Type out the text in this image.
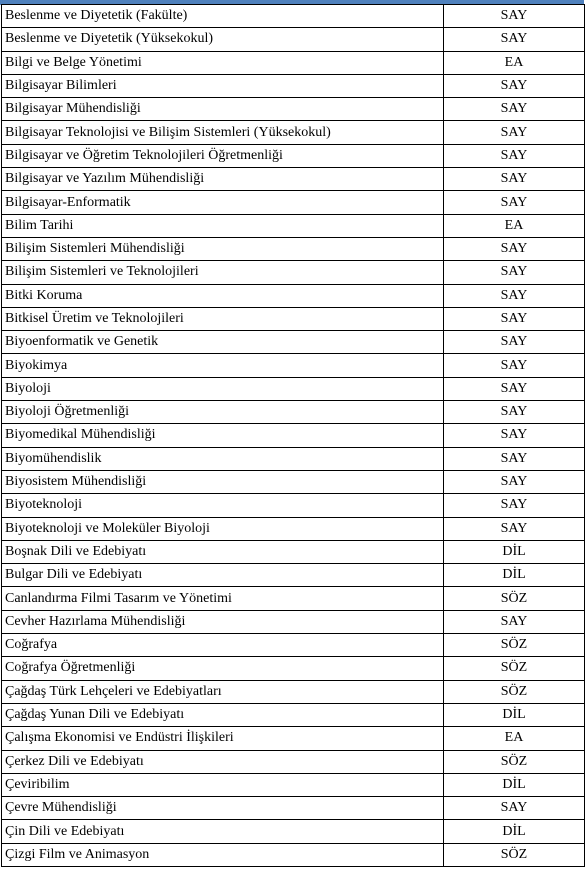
Beslenme ve Diyetetik (Fakülte)	SAY
Beslenme ve Diyetetik (Yüksekokul)	SAY
Bilgi ve Belge Yönetimi	EA
Bilgisayar Bilimleri	SAY
Bilgisayar Mühendisliği	SAY
Bilgisayar Teknolojisi ve Bilişim Sistemleri (Yüksekokul)	SAY
Bilgisayar ve Öğretim Teknolojileri Öğretmenliği	SAY
Bilgisayar ve Yazılım Mühendisliği	SAY
Bilgisayar-Enformatik	SAY
Bilim Tarihi	EA
Bilişim Sistemleri Mühendisliği	SAY
Bilişim Sistemleri ve Teknolojileri	SAY
Bitki Koruma	SAY
Bitkisel Üretim ve Teknolojileri	SAY
Biyoenformatik ve Genetik	SAY
Biyokimya	SAY
Biyoloji	SAY
Biyoloji Öğretmenliği	SAY
Biyomedikal Mühendisliği	SAY
Biyomühendislik	SAY
Biyosistem Mühendisliği	SAY
Biyoteknoloji	SAY
Biyoteknoloji ve Moleküler Biyoloji	SAY
Boşnak Dili ve Edebiyatı	DİL
Bulgar Dili ve Edebiyatı	DİL
Canlandırma Filmi Tasarım ve Yönetimi	SÖZ
Cevher Hazırlama Mühendisliği	SAY
Coğrafya	SÖZ
Coğrafya Öğretmenliği	SÖZ
Çağdaş Türk Lehçeleri ve Edebiyatları	SÖZ
Çağdaş Yunan Dili ve Edebiyatı	DİL
Çalışma Ekonomisi ve Endüstri İlişkileri	EA
Çerkez Dili ve Edebiyatı	SÖZ
Çeviribilim	DİL
Çevre Mühendisliği	SAY
Çin Dili ve Edebiyatı	DİL
Çizgi Film ve Animasyon	SÖZ
